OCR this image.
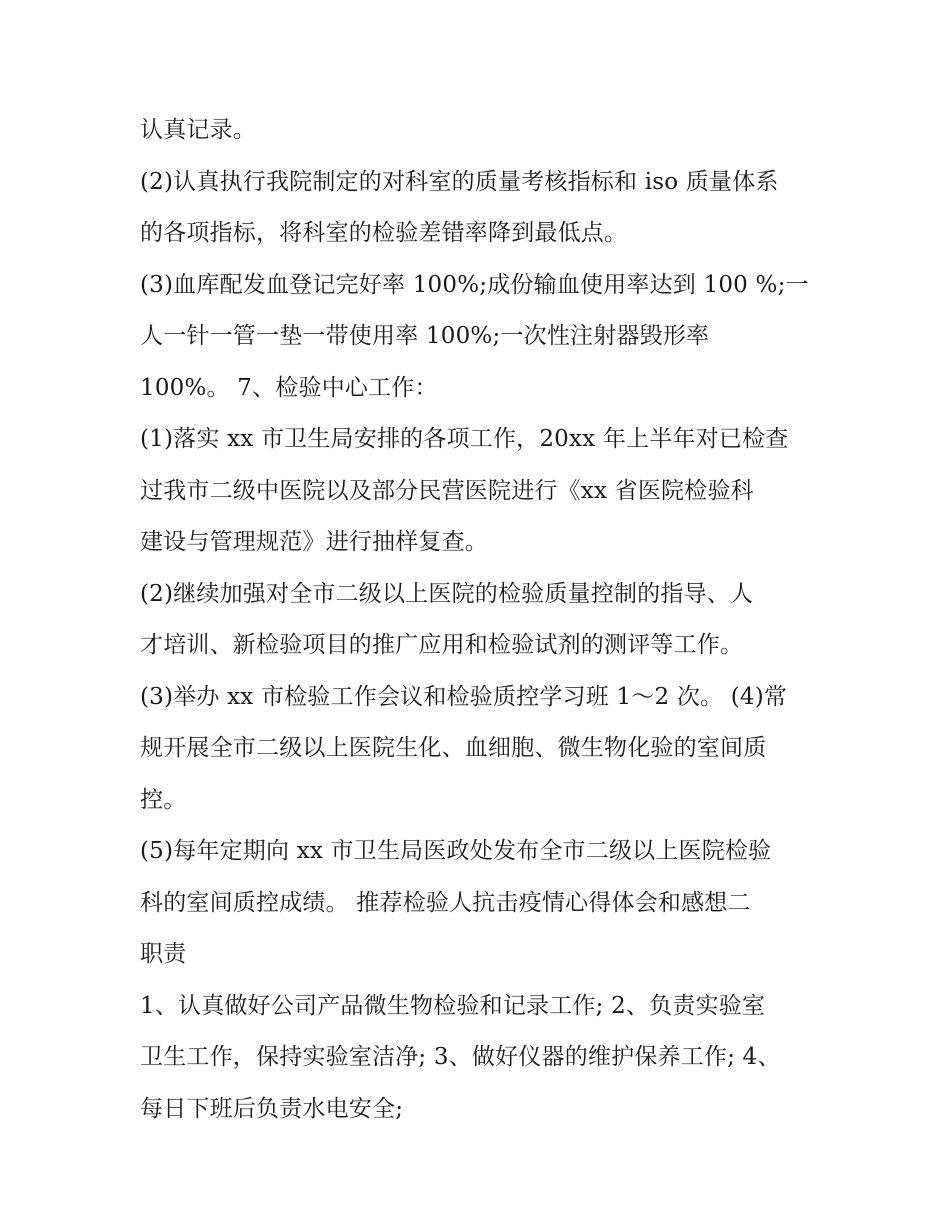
认真记录。
(2)认真执行我院制定的对科室的质量考核指标和 iso 质量体系
的各项指标，将科室的检验差错率降到最低点。
(3)血库配发血登记完好率 100%;成份输血使用率达到 100 %;一
人一针一管一垫一带使用率 100%;一次性注射器毁形率
100%。 7、检验中心工作：
(1)落实 xx 市卫生局安排的各项工作，20xx 年上半年对已检查
过我市二级中医院以及部分民营医院进行《xx 省医院检验科
建设与管理规范》进行抽样复查。
(2)继续加强对全市二级以上医院的检验质量控制的指导、人
才培训、新检验项目的推广应用和检验试剂的测评等工作。
(3)举办 xx 市检验工作会议和检验质控学习班 1～2 次。 (4)常
规开展全市二级以上医院生化、血细胞、微生物化验的室间质
控。
(5)每年定期向 xx 市卫生局医政处发布全市二级以上医院检验
科的室间质控成绩。 推荐检验人抗击疫情心得体会和感想二
职责
1、认真做好公司产品微生物检验和记录工作; 2、负责实验室
卫生工作，保持实验室洁净; 3、做好仪器的维护保养工作; 4、
每日下班后负责水电安全;
